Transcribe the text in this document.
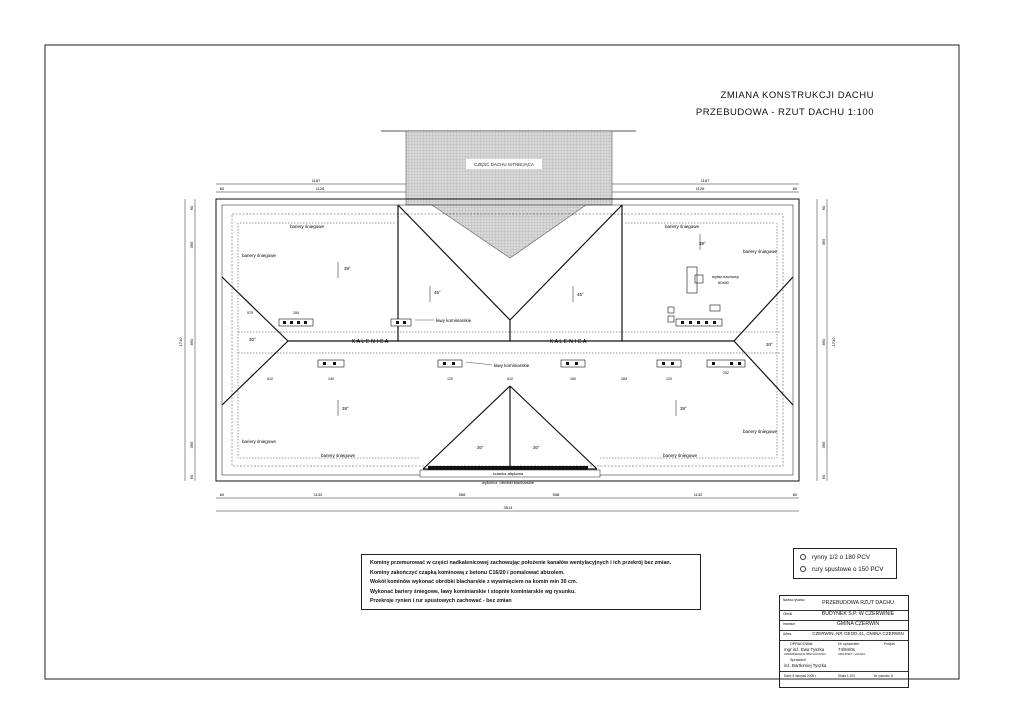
CZĘŚĆ DACHU ISTNIEJĄCA
ścianka attykowa
wykończ. obróbki blacharskie
K A L E N I C A	K A L E N I C A
wyłaz dachowy
60x80
ławy kominiarskie
ławy kominiarskie
bariery śniegowe
bariery śniegowe
bariery śniegowe
bariery śniegowe
bariery śniegowe
bariery śniegowe	bariery śniegowe
bariery śniegowe
39°
45°	45°
39°
30°
30°
30°	30°
39°	39°
1187
1126
60
1187
1126	60
60	1132	558	558	1132	60
3514
60
365
860
365
60
1710
60
365
860
365
60
1710
284
575
610	140	120	610	160	284	120
252
ZMIANA KONSTRUKCJI DACHU
PRZEBUDOWA - RZUT DACHU 1:100
Kominy przemurować w części nadkalenicowej zachowując położenie kanałów wentylacyjnych i ich przekrój bez zmian.
Kominy zakończyć czapką kominową z betonu C16/20 i pomalować abizolem.
Wokół kominów wykonać obróbki blacharskie z wywinięciem na komin min 30 cm.
Wykonać bariery śniegowe, ławy kominiarskie i stopnie kominiarskie wg rysunku.
Przekroje rynien i rur spustowych zachować - bez zmian
rynny 1/2 o 180 PCV
rury spustowe o 150 PCV
Nazwa rysunku	PRZEBUDOWA RZUT DACHU
Obiekt	BUDYNEK S.P. W CZERWINIE
Inwestor	GMINA CZERWIN
Adres	CZERWIN, NR GEOD.41, GMINA CZERWIN
OPRACOWAŁ	Nr uprawnień	Podpis
mgr inż. Ewa Tyszka	74/94/0s
UPRAWNIENIA W SPECJALNOŚCI	ARCHITEKT / UCHATA
Sprawdził
inż. Bartłomiej Tyszka
Data: 8 listopad 2005 r.	Skala 1:100	Nr rysunku: 8
